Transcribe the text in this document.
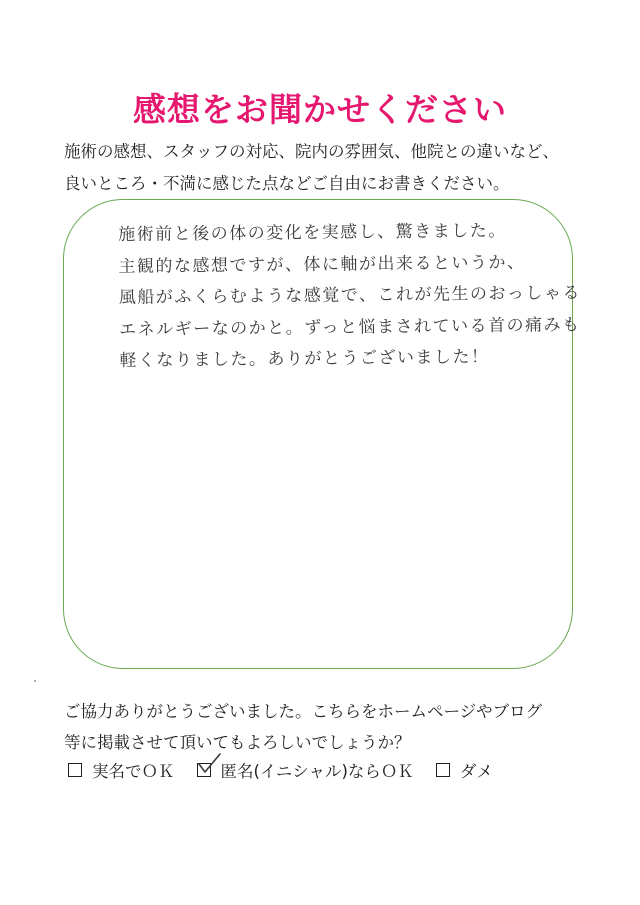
感想をお聞かせください
施術の感想、スタッフの対応、院内の雰囲気、他院との違いなど、
良いところ・不満に感じた点などご自由にお書きください。
施術前と後の体の変化を実感し、驚きました。
主観的な感想ですが、体に軸が出来るというか、
風船がふくらむような感覚で、これが先生のおっしゃる
エネルギーなのかと。ずっと悩まされている首の痛みも
軽くなりました。ありがとうございました！
ご協力ありがとうございました。こちらをホームページやブログ
等に掲載させて頂いてもよろしいでしょうか？
実名でＯＫ	匿名(イニシャル)ならＯＫ	ダメ
